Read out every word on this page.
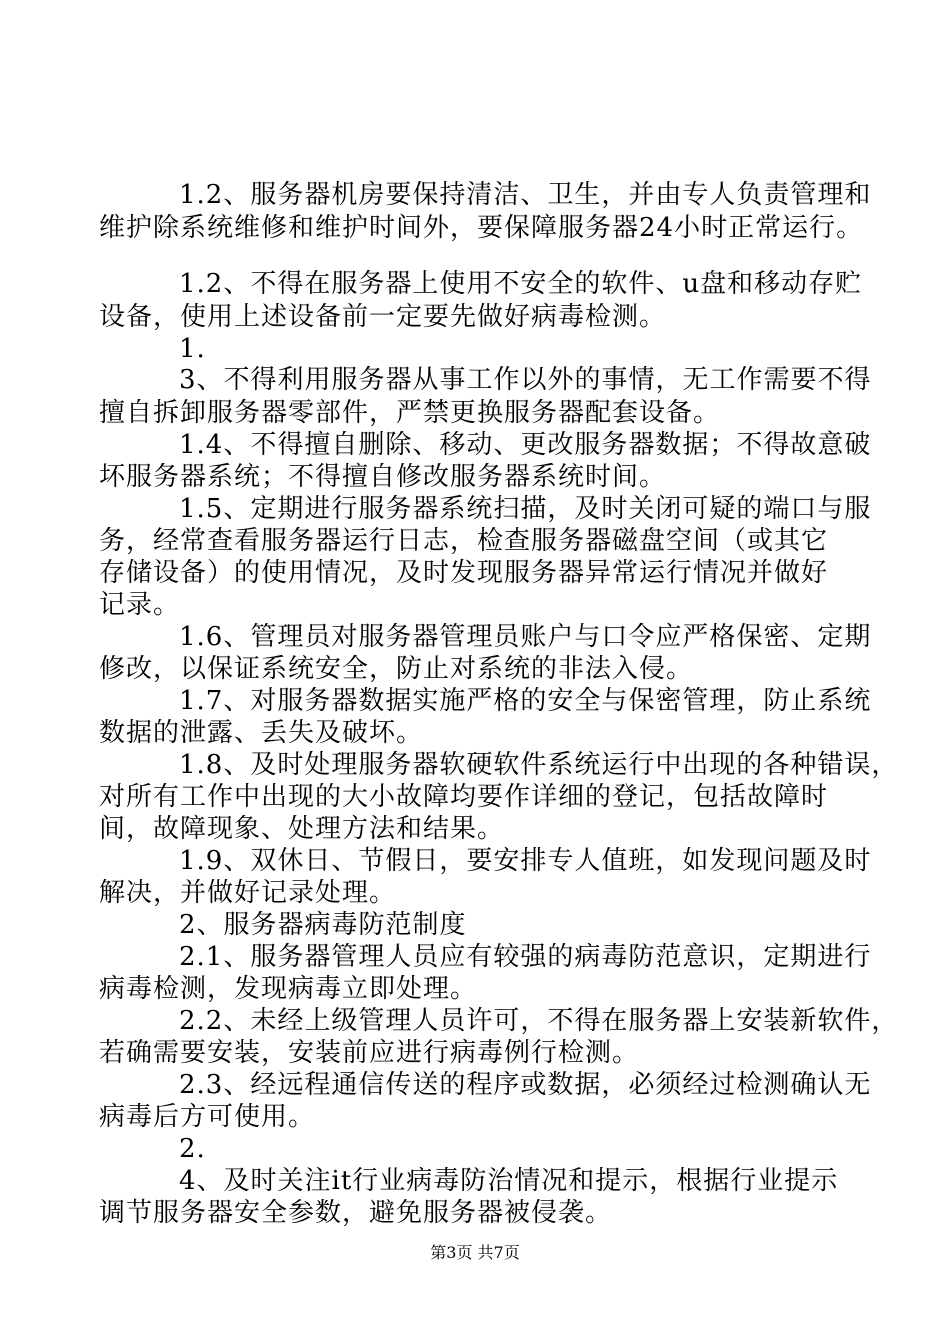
1.2、服务器机房要保持清洁、卫生，并由专人负责管理和

维护除系统维修和维护时间外，要保障服务器24小时正常运行。

1.2、不得在服务器上使用不安全的软件、u盘和移动存贮

设备，使用上述设备前一定要先做好病毒检测。

1.

3、不得利用服务器从事工作以外的事情，无工作需要不得

擅自拆卸服务器零部件，严禁更换服务器配套设备。

1.4、不得擅自删除、移动、更改服务器数据；不得故意破

坏服务器系统；不得擅自修改服务器系统时间。

1.5、定期进行服务器系统扫描，及时关闭可疑的端口与服

务，经常查看服务器运行日志，检查服务器磁盘空间（或其它

存储设备）的使用情况，及时发现服务器异常运行情况并做好

记录。

1.6、管理员对服务器管理员账户与口令应严格保密、定期

修改，以保证系统安全，防止对系统的非法入侵。

1.7、对服务器数据实施严格的安全与保密管理，防止系统

数据的泄露、丢失及破坏。

1.8、及时处理服务器软硬软件系统运行中出现的各种错误，

对所有工作中出现的大小故障均要作详细的登记，包括故障时

间，故障现象、处理方法和结果。

1.9、双休日、节假日，要安排专人值班，如发现问题及时

解决，并做好记录处理。

2、服务器病毒防范制度

2.1、服务器管理人员应有较强的病毒防范意识，定期进行

病毒检测，发现病毒立即处理。

2.2、未经上级管理人员许可，不得在服务器上安装新软件，

若确需要安装，安装前应进行病毒例行检测。

2.3、经远程通信传送的程序或数据，必须经过检测确认无

病毒后方可使用。

2.

4、及时关注it行业病毒防治情况和提示，根据行业提示

调节服务器安全参数，避免服务器被侵袭。

第3页 共7页
